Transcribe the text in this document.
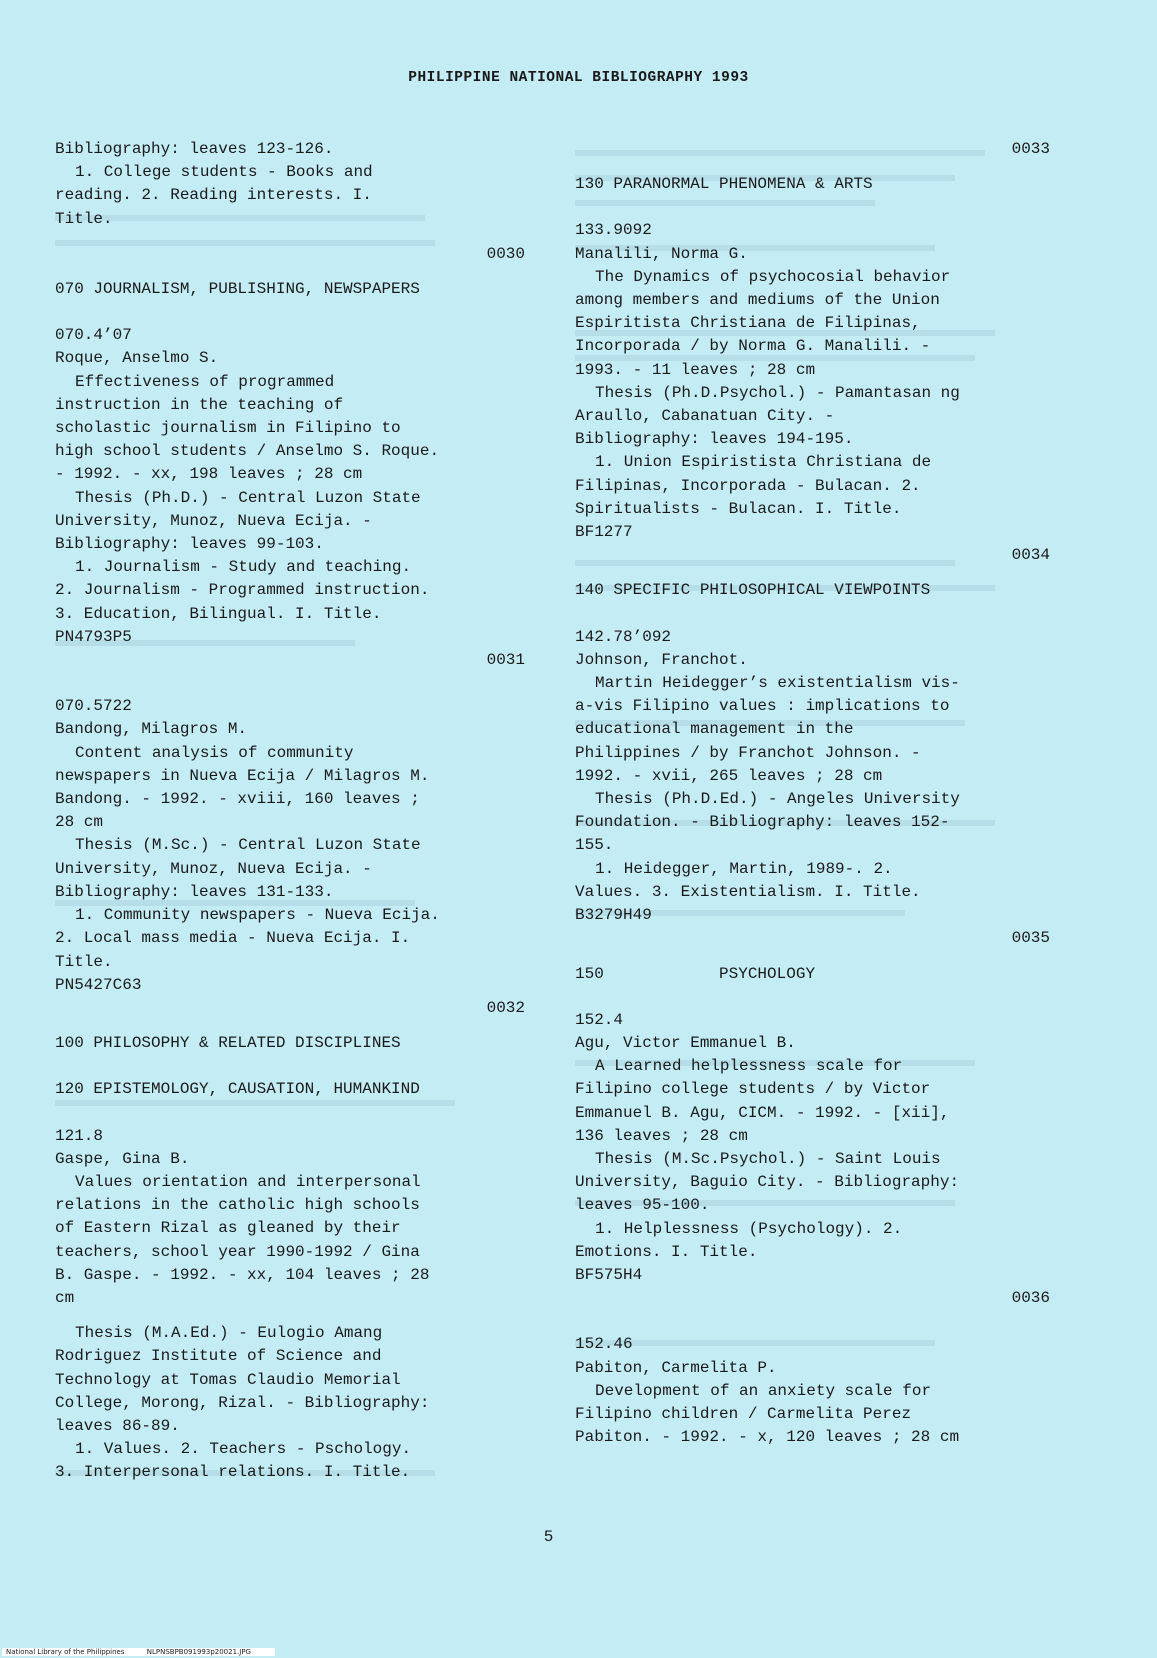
PHILIPPINE NATIONAL BIBLIOGRAPHY 1993

Bibliography: leaves 123-126.

1. College students - Books and

reading. 2. Reading interests. I.

Title.

0030

070 JOURNALISM, PUBLISHING, NEWSPAPERS

070.4’07

Roque, Anselmo S.

Effectiveness of programmed

instruction in the teaching of

scholastic journalism in Filipino to

high school students / Anselmo S. Roque.

- 1992. - xx, 198 leaves ; 28 cm

Thesis (Ph.D.) - Central Luzon State

University, Munoz, Nueva Ecija. -

Bibliography: leaves 99-103.

1. Journalism - Study and teaching.

2. Journalism - Programmed instruction.

3. Education, Bilingual. I. Title.

PN4793P5

0031

070.5722

Bandong, Milagros M.

Content analysis of community

newspapers in Nueva Ecija / Milagros M.

Bandong. - 1992. - xviii, 160 leaves ;

28 cm

Thesis (M.Sc.) - Central Luzon State

University, Munoz, Nueva Ecija. -

Bibliography: leaves 131-133.

1. Community newspapers - Nueva Ecija.

2. Local mass media - Nueva Ecija. I.

Title.

PN5427C63

0032

100 PHILOSOPHY & RELATED DISCIPLINES

120 EPISTEMOLOGY, CAUSATION, HUMANKIND

121.8

Gaspe, Gina B.

Values orientation and interpersonal

relations in the catholic high schools

of Eastern Rizal as gleaned by their

teachers, school year 1990-1992 / Gina

B. Gaspe. - 1992. - xx, 104 leaves ; 28

cm

Thesis (M.A.Ed.) - Eulogio Amang

Rodriguez Institute of Science and

Technology at Tomas Claudio Memorial

College, Morong, Rizal. - Bibliography:

leaves 86-89.

1. Values. 2. Teachers - Pschology.

3. Interpersonal relations. I. Title.

0033

130 PARANORMAL PHENOMENA & ARTS

133.9092

Manalili, Norma G.

The Dynamics of psychocosial behavior

among members and mediums of the Union

Espiritista Christiana de Filipinas,

Incorporada / by Norma G. Manalili. -

1993. - 11 leaves ; 28 cm

Thesis (Ph.D.Psychol.) - Pamantasan ng

Araullo, Cabanatuan City. -

Bibliography: leaves 194-195.

1. Union Espiristista Christiana de

Filipinas, Incorporada - Bulacan. 2.

Spiritualists - Bulacan. I. Title.

BF1277

0034

140 SPECIFIC PHILOSOPHICAL VIEWPOINTS

142.78’092

Johnson, Franchot.

Martin Heidegger’s existentialism vis-

a-vis Filipino values : implications to

educational management in the

Philippines / by Franchot Johnson. -

1992. - xvii, 265 leaves ; 28 cm

Thesis (Ph.D.Ed.) - Angeles University

Foundation. - Bibliography: leaves 152-

155.

1. Heidegger, Martin, 1989-. 2.

Values. 3. Existentialism. I. Title.

B3279H49

0035

150            PSYCHOLOGY

152.4

Agu, Victor Emmanuel B.

A Learned helplessness scale for

Filipino college students / by Victor

Emmanuel B. Agu, CICM. - 1992. - [xii],

136 leaves ; 28 cm

Thesis (M.Sc.Psychol.) - Saint Louis

University, Baguio City. - Bibliography:

leaves 95-100.

1. Helplessness (Psychology). 2.

Emotions. I. Title.

BF575H4

0036

152.46

Pabiton, Carmelita P.

Development of an anxiety scale for

Filipino children / Carmelita Perez

Pabiton. - 1992. - x, 120 leaves ; 28 cm

5
National Library of the Philippines	NLPNSBPB091993p20021.JPG
